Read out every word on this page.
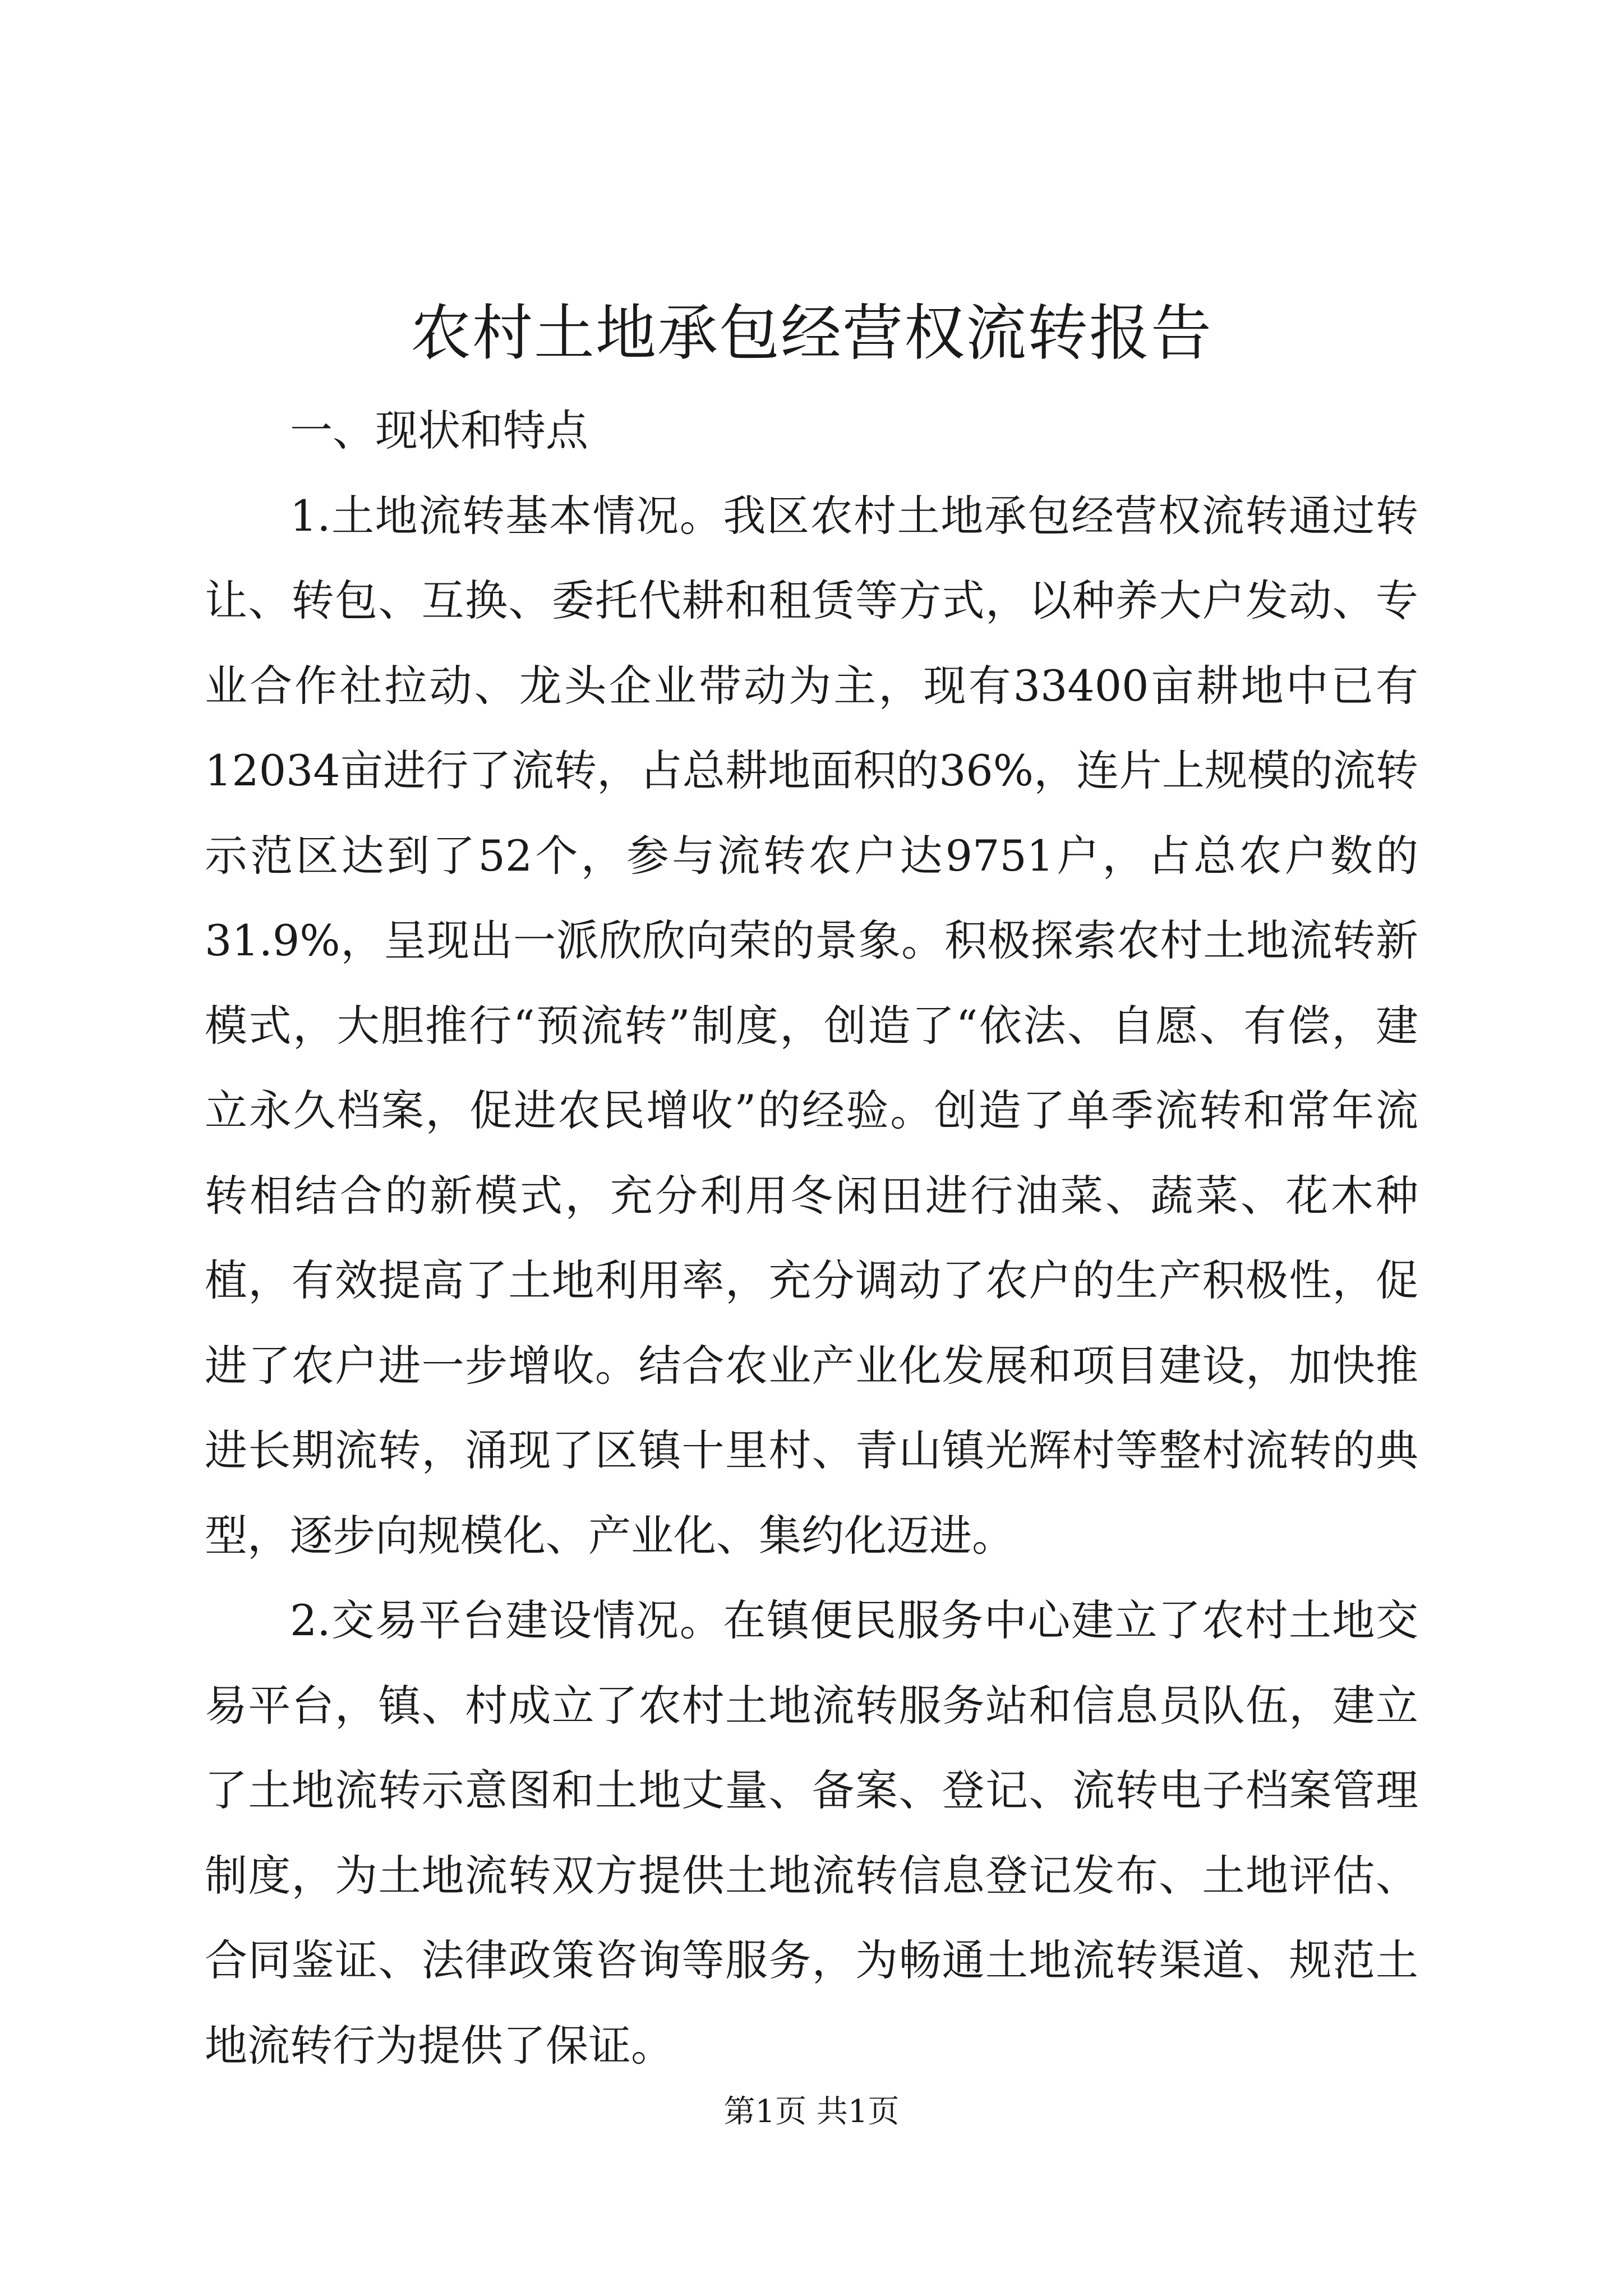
农村土地承包经营权流转报告

一、现状和特点

1.土地流转基本情况。我区农村土地承包经营权流转通过转让、转包、互换、委托代耕和租赁等方式，以种养大户发动、专业合作社拉动、龙头企业带动为主，现有33400亩耕地中已有12034亩进行了流转，占总耕地面积的36%，连片上规模的流转示范区达到了52个，参与流转农户达9751户，占总农户数的31.9%，呈现出一派欣欣向荣的景象。积极探索农村土地流转新模式，大胆推行“预流转”制度，创造了“依法、自愿、有偿，建立永久档案，促进农民增收”的经验。创造了单季流转和常年流转相结合的新模式，充分利用冬闲田进行油菜、蔬菜、花木种植，有效提高了土地利用率，充分调动了农户的生产积极性，促进了农户进一步增收。结合农业产业化发展和项目建设，加快推进长期流转，涌现了区镇十里村、青山镇光辉村等整村流转的典型，逐步向规模化、产业化、集约化迈进。

2.交易平台建设情况。在镇便民服务中心建立了农村土地交易平台，镇、村成立了农村土地流转服务站和信息员队伍，建立了土地流转示意图和土地丈量、备案、登记、流转电子档案管理制度，为土地流转双方提供土地流转信息登记发布、土地评估、合同鉴证、法律政策咨询等服务，为畅通土地流转渠道、规范土地流转行为提供了保证。

第1页 共1页
